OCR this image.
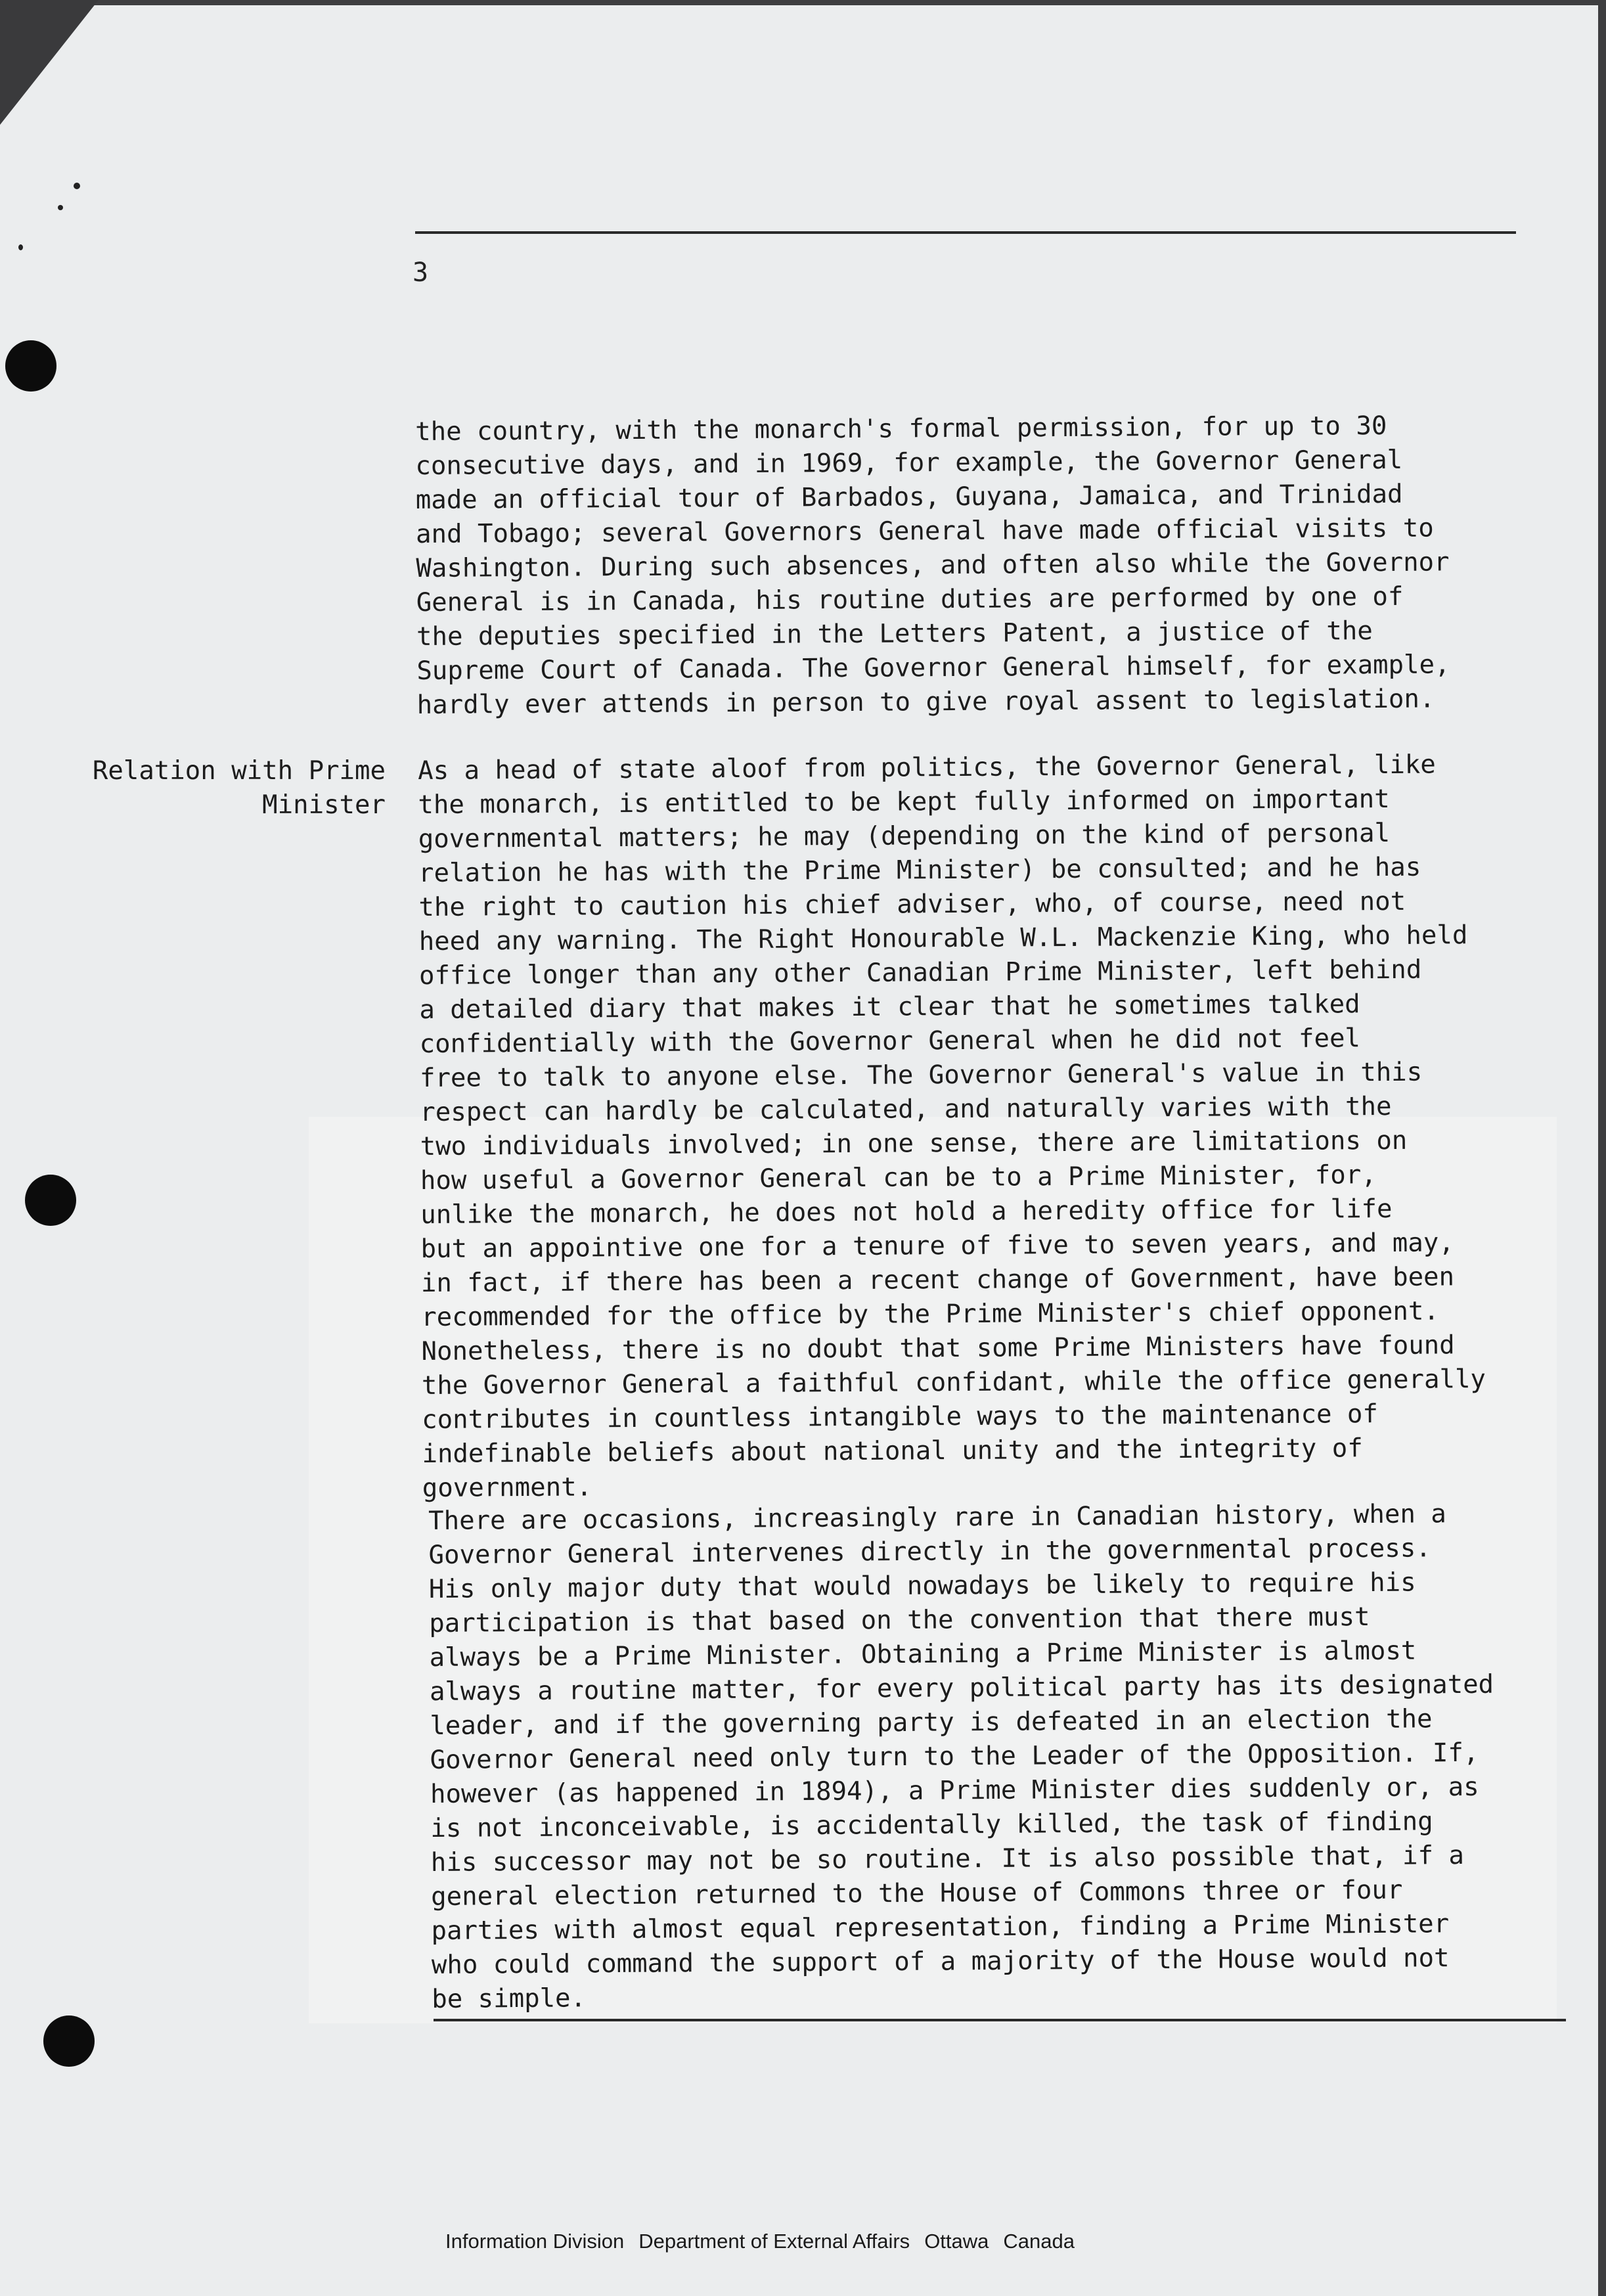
3
the country, with the monarch's formal permission, for up to 30
consecutive days, and in 1969, for example, the Governor General
made an official tour of Barbados, Guyana, Jamaica, and Trinidad
and Tobago; several Governors General have made official visits to
Washington. During such absences, and often also while the Governor
General is in Canada, his routine duties are performed by one of
the deputies specified in the Letters Patent, a justice of the
Supreme Court of Canada. The Governor General himself, for example,
hardly ever attends in person to give royal assent to legislation.
Relation with Prime
Minister
As a head of state aloof from politics, the Governor General, like
the monarch, is entitled to be kept fully informed on important
governmental matters; he may (depending on the kind of personal
relation he has with the Prime Minister) be consulted; and he has
the right to caution his chief adviser, who, of course, need not
heed any warning. The Right Honourable W.L. Mackenzie King, who held
office longer than any other Canadian Prime Minister, left behind
a detailed diary that makes it clear that he sometimes talked
confidentially with the Governor General when he did not feel
free to talk to anyone else. The Governor General's value in this
respect can hardly be calculated, and naturally varies with the
two individuals involved; in one sense, there are limitations on
how useful a Governor General can be to a Prime Minister, for,
unlike the monarch, he does not hold a heredity office for life
but an appointive one for a tenure of five to seven years, and may,
in fact, if there has been a recent change of Government, have been
recommended for the office by the Prime Minister's chief opponent.
Nonetheless, there is no doubt that some Prime Ministers have found
the Governor General a faithful confidant, while the office generally
contributes in countless intangible ways to the maintenance of
indefinable beliefs about national unity and the integrity of
government.
There are occasions, increasingly rare in Canadian history, when a
Governor General intervenes directly in the governmental process.
His only major duty that would nowadays be likely to require his
participation is that based on the convention that there must
always be a Prime Minister. Obtaining a Prime Minister is almost
always a routine matter, for every political party has its designated
leader, and if the governing party is defeated in an election the
Governor General need only turn to the Leader of the Opposition. If,
however (as happened in 1894), a Prime Minister dies suddenly or, as
is not inconceivable, is accidentally killed, the task of finding
his successor may not be so routine. It is also possible that, if a
general election returned to the House of Commons three or four
parties with almost equal representation, finding a Prime Minister
who could command the support of a majority of the House would not
be simple.
Information Division Department of External Affairs Ottawa Canada
